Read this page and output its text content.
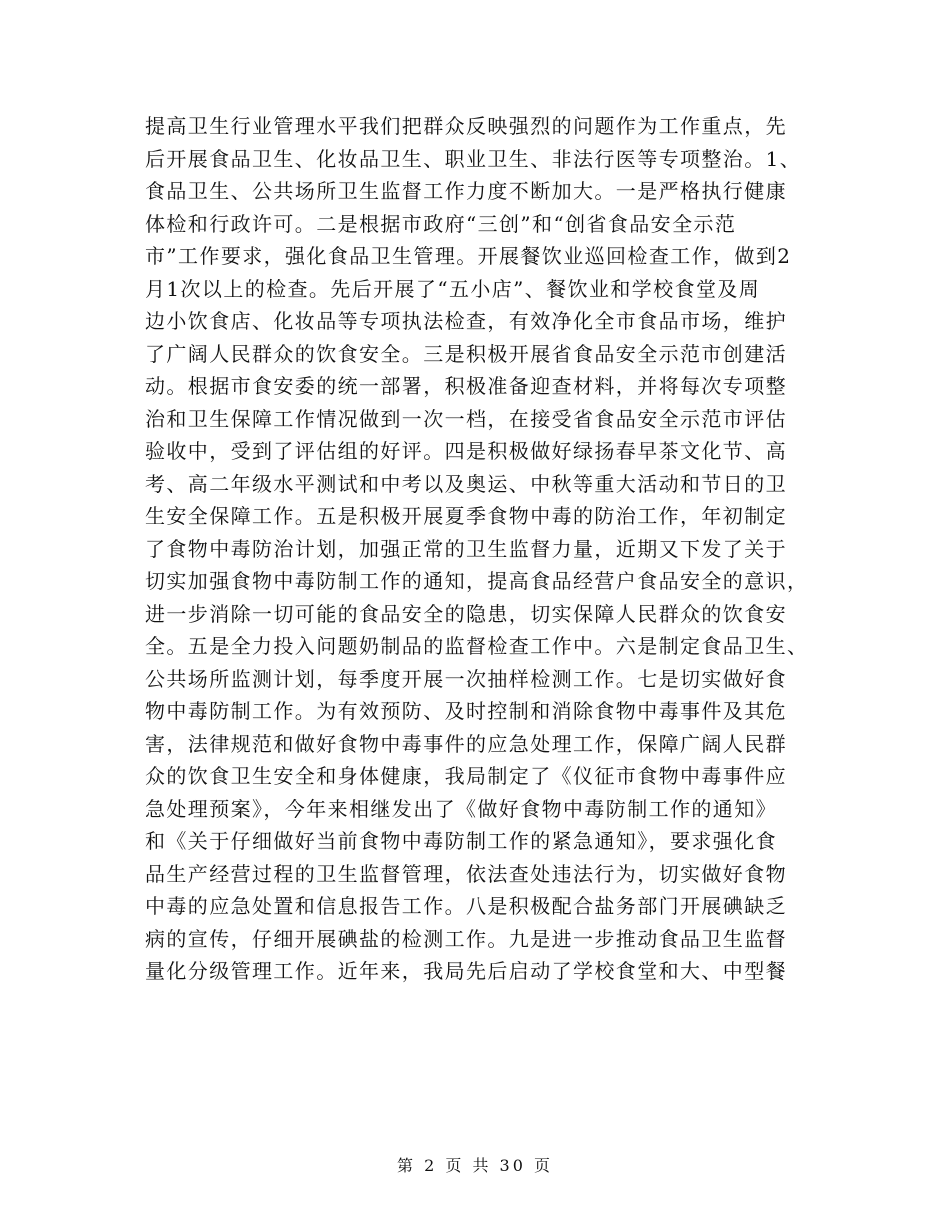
提高卫生行业管理水平我们把群众反映强烈的问题作为工作重点，先
后开展食品卫生、化妆品卫生、职业卫生、非法行医等专项整治。1、
食品卫生、公共场所卫生监督工作力度不断加大。一是严格执行健康
体检和行政许可。二是根据市政府“三创”和“创省食品安全示范
市”工作要求，强化食品卫生管理。开展餐饮业巡回检查工作，做到2
月1次以上的检查。先后开展了“五小店”、餐饮业和学校食堂及周
边小饮食店、化妆品等专项执法检查，有效净化全市食品市场，维护
了广阔人民群众的饮食安全。三是积极开展省食品安全示范市创建活
动。根据市食安委的统一部署，积极准备迎查材料，并将每次专项整
治和卫生保障工作情况做到一次一档，在接受省食品安全示范市评估
验收中，受到了评估组的好评。四是积极做好绿扬春早茶文化节、高
考、高二年级水平测试和中考以及奥运、中秋等重大活动和节日的卫
生安全保障工作。五是积极开展夏季食物中毒的防治工作，年初制定
了食物中毒防治计划，加强正常的卫生监督力量，近期又下发了关于
切实加强食物中毒防制工作的通知，提高食品经营户食品安全的意识，
进一步消除一切可能的食品安全的隐患，切实保障人民群众的饮食安
全。五是全力投入问题奶制品的监督检查工作中。六是制定食品卫生、
公共场所监测计划，每季度开展一次抽样检测工作。七是切实做好食
物中毒防制工作。为有效预防、及时控制和消除食物中毒事件及其危
害，法律规范和做好食物中毒事件的应急处理工作，保障广阔人民群
众的饮食卫生安全和身体健康，我局制定了《仪征市食物中毒事件应
急处理预案》，今年来相继发出了《做好食物中毒防制工作的通知》
和《关于仔细做好当前食物中毒防制工作的紧急通知》，要求强化食
品生产经营过程的卫生监督管理，依法查处违法行为，切实做好食物
中毒的应急处置和信息报告工作。八是积极配合盐务部门开展碘缺乏
病的宣传，仔细开展碘盐的检测工作。九是进一步推动食品卫生监督
量化分级管理工作。近年来，我局先后启动了学校食堂和大、中型餐
第 2 页 共 30 页
